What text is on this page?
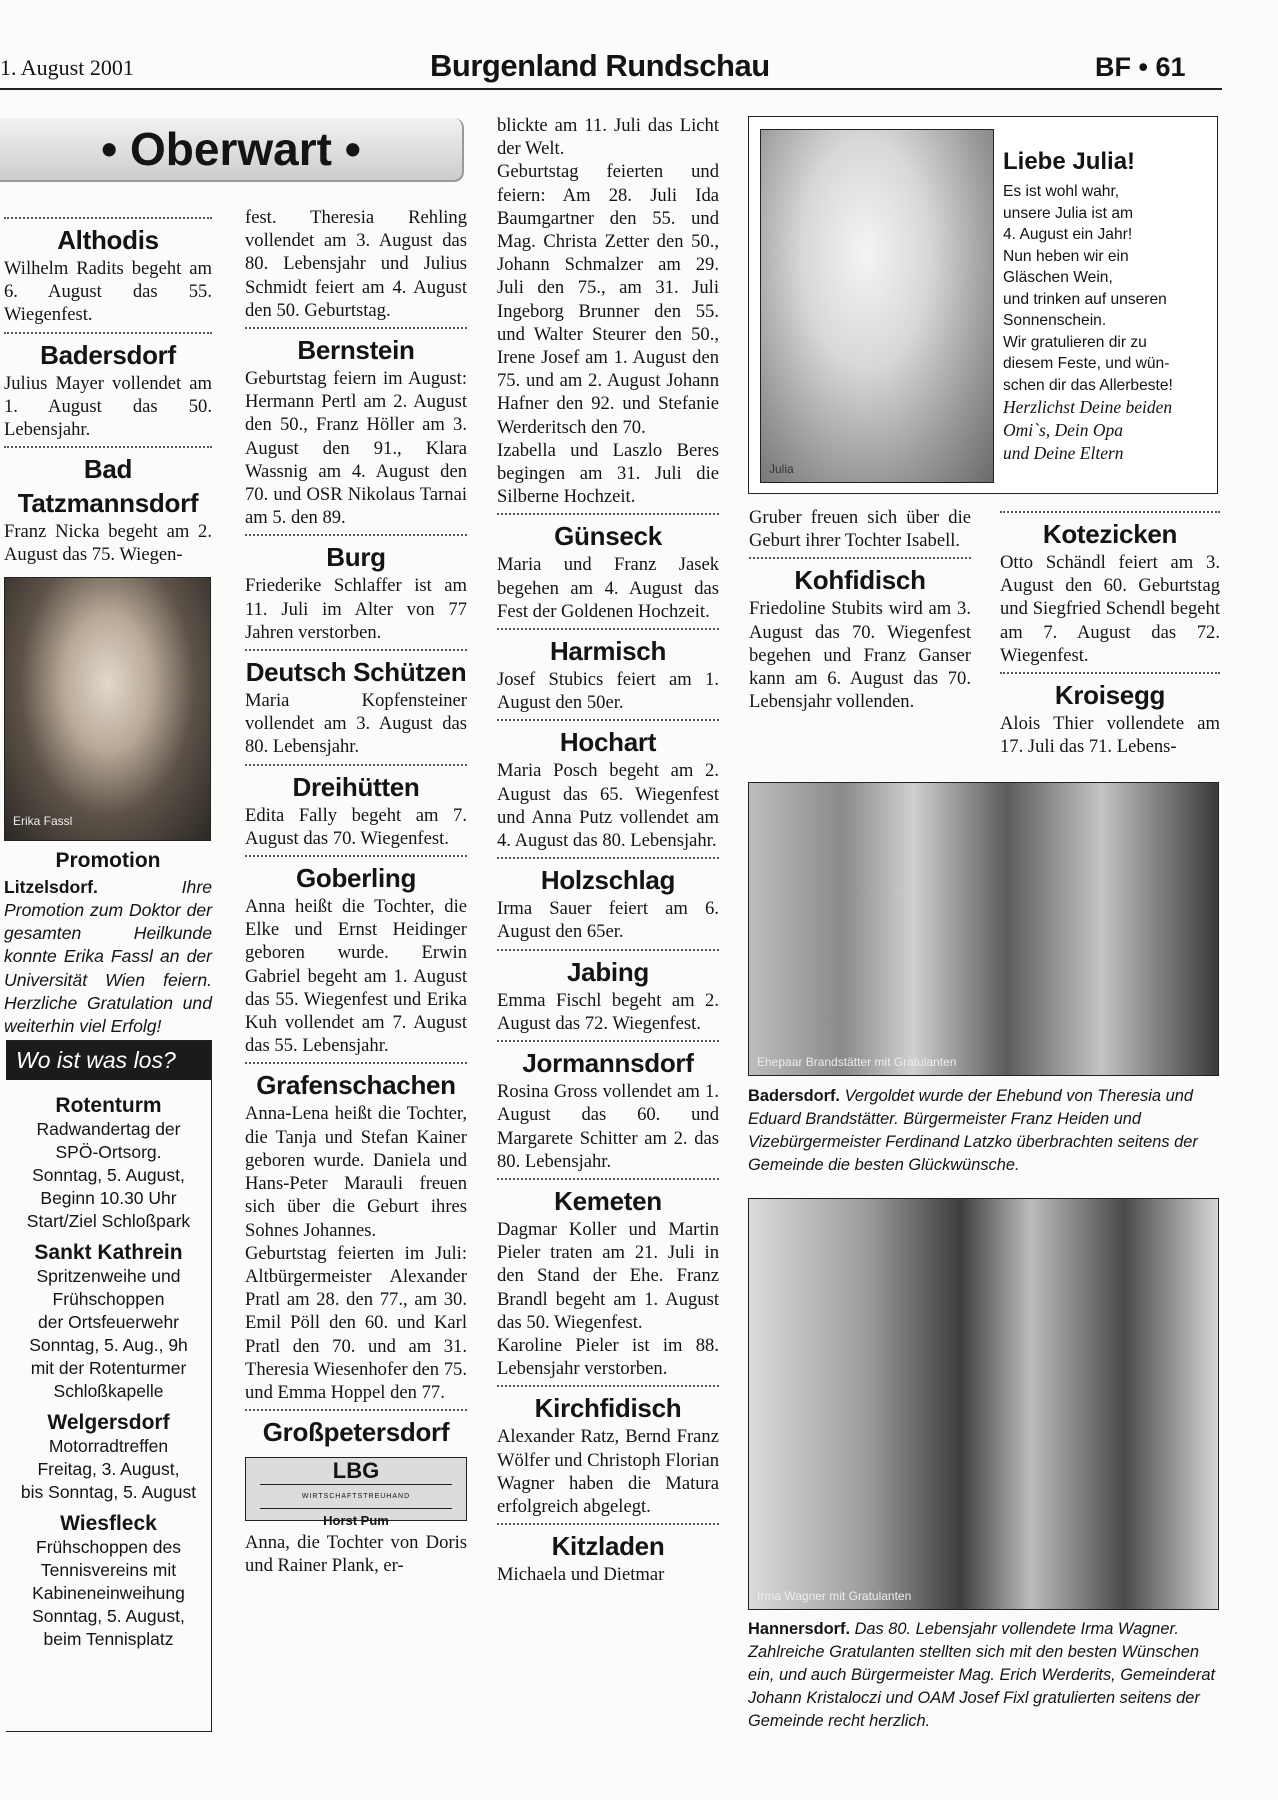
1. August 2001	Burgenland Rundschau	BF • 61
• Oberwart •
Althodis

Wilhelm Radits begeht am 6. August das 55. Wiegenfest.

Badersdorf

Julius Mayer vollendet am 1. August das 50. Lebensjahr.

Bad Tatzmannsdorf

Franz Nicka begeht am 2. August das 75. Wiegen-

Erika Fassl
Promotion
Litzelsdorf.	Ihre Promotion zum Doktor der gesamten Heilkunde konnte Erika Fassl an der Universität Wien feiern. Herzliche Gratulation und weiterhin viel Erfolg!
Wo ist was los?
Rotenturm
Radwandertag der
SPÖ-Ortsorg.
Sonntag, 5. August,
Beginn 10.30 Uhr
Start/Ziel Schloßpark
Sankt Kathrein
Spritzenweihe und
Frühschoppen
der Ortsfeuerwehr
Sonntag, 5. Aug., 9h
mit der Rotenturmer
Schloßkapelle
Welgersdorf
Motorradtreffen
Freitag, 3. August,
bis Sonntag, 5. August
Wiesfleck
Frühschoppen des
Tennisvereins mit
Kabineneinweihung
Sonntag, 5. August,
beim Tennisplatz

fest. Theresia Rehling vollendet am 3. August das 80. Lebensjahr und Julius Schmidt feiert am 4. August den 50. Geburtstag.

Bernstein

Geburtstag feiern im August: Hermann Pertl am 2. August den 50., Franz Höller am 3. August den 91., Klara Wassnig am 4. August den 70. und OSR Nikolaus Tarnai am 5. den 89.

Burg

Friederike Schlaffer ist am 11. Juli im Alter von 77 Jahren verstorben.

Deutsch Schützen

Maria Kopfensteiner vollendet am 3. August das 80. Lebensjahr.

Dreihütten

Edita Fally begeht am 7. August das 70. Wiegenfest.

Goberling

Anna heißt die Tochter, die Elke und Ernst Heidinger geboren wurde. Erwin Gabriel begeht am 1. August das 55. Wiegenfest und Erika Kuh vollendet am 7. August das 55. Lebensjahr.

Grafenschachen

Anna-Lena heißt die Tochter, die Tanja und Stefan Kainer geboren wurde. Daniela und Hans-Peter Marauli freuen sich über die Geburt ihres Sohnes Johannes.

Geburtstag feierten im Juli: Altbürgermeister Alexander Pratl am 28. den 77., am 30. Emil Pöll den 60. und Karl Pratl den 70. und am 31. Theresia Wiesenhofer den 75. und Emma Hoppel den 77.

Großpetersdorf
LBG
WIRTSCHAFTSTREUHAND
Horst Pum

Anna, die Tochter von Doris und Rainer Plank, er-

blickte am 11. Juli das Licht der Welt.

Geburtstag feierten und feiern: Am 28. Juli Ida Baumgartner den 55. und Mag. Christa Zetter den 50., Johann Schmalzer am 29. Juli den 75., am 31. Juli Ingeborg Brunner den 55. und Walter Steurer den 50., Irene Josef am 1. August den 75. und am 2. August Johann Hafner den 92. und Stefanie Werderitsch den 70.

Izabella und Laszlo Beres begingen am 31. Juli die Silberne Hochzeit.

Günseck

Maria und Franz Jasek begehen am 4. August das Fest der Goldenen Hochzeit.

Harmisch

Josef Stubics feiert am 1. August den 50er.

Hochart

Maria Posch begeht am 2. August das 65. Wiegenfest und Anna Putz vollendet am 4. August das 80. Lebensjahr.

Holzschlag

Irma Sauer feiert am 6. August den 65er.

Jabing

Emma Fischl begeht am 2. August das 72. Wiegenfest.

Jormannsdorf

Rosina Gross vollendet am 1. August das 60. und Margarete Schitter am 2. das 80. Lebensjahr.

Kemeten

Dagmar Koller und Martin Pieler traten am 21. Juli in den Stand der Ehe. Franz Brandl begeht am 1. August das 50. Wiegenfest.

Karoline Pieler ist im 88. Lebensjahr verstorben.

Kirchfidisch

Alexander Ratz, Bernd Franz Wölfer und Christoph Florian Wagner haben die Matura erfolgreich abgelegt.

Kitzladen

Michaela und Dietmar

Julia
Liebe Julia!
Es ist wohl wahr,
unsere Julia ist am
4. August ein Jahr!
Nun heben wir ein
Gläschen Wein,
und trinken auf unseren
Sonnenschein.
Wir gratulieren dir zu
diesem Feste, und wün-
schen dir das Allerbeste!
Herzlichst Deine beiden
Omi`s, Dein Opa
und Deine Eltern

Gruber freuen sich über die Geburt ihrer Tochter Isabell.

Kohfidisch

Friedoline Stubits wird am 3. August das 70. Wiegenfest begehen und Franz Ganser kann am 6. August das 70. Lebensjahr vollenden.

Kotezicken

Otto Schändl feiert am 3. August den 60. Geburtstag und Siegfried Schendl begeht am 7. August das 72. Wiegenfest.

Kroisegg

Alois Thier vollendete am 17. Juli das 71. Lebens-

Ehepaar Brandstätter mit Gratulanten
Badersdorf. Vergoldet wurde der Ehebund von Theresia und Eduard Brandstätter. Bürgermeister Franz Heiden und Vizebürgermeister Ferdinand Latzko überbrachten seitens der Gemeinde die besten Glückwünsche.
Irma Wagner mit Gratulanten
Hannersdorf. Das 80. Lebensjahr vollendete Irma Wagner. Zahlreiche Gratulanten stellten sich mit den besten Wünschen ein, und auch Bürgermeister Mag. Erich Werderits, Gemeinderat Johann Kristaloczi und OAM Josef Fixl gratulierten seitens der Gemeinde recht herzlich.
